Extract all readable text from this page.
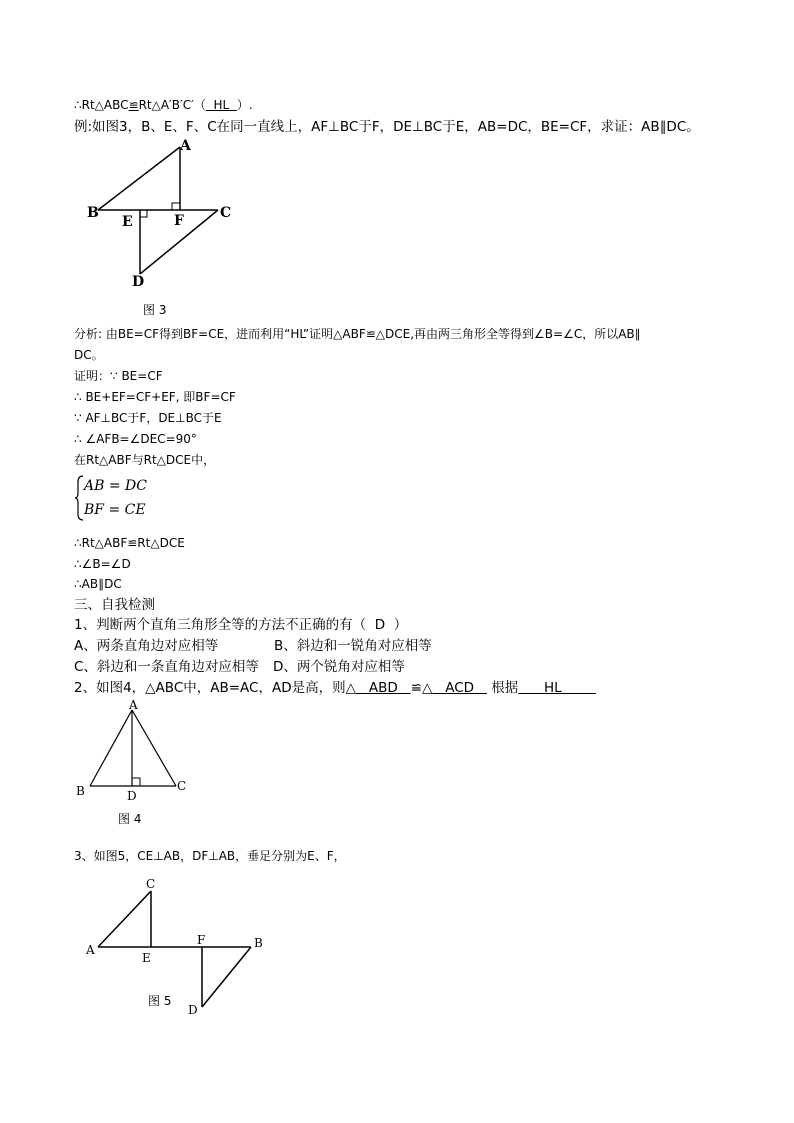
∴Rt△ABC≌Rt△A′B′C′（ HL ）.
例:如图3，B、E、F、C在同一直线上，AF⊥BC于F，DE⊥BC于E，AB=DC，BE=CF，求证：AB∥DC。
A
B
E	F	C
D
图 3
分析: 由BE=CF得到BF=CE，进而利用“HL”证明△ABF≌△DCE,再由两三角形全等得到∠B=∠C，所以AB∥
DC。
证明：∵ BE=CF
∴ BE+EF=CF+EF, 即BF=CF
∵ AF⊥BC于F，DE⊥BC于E
∴ ∠AFB=∠DEC=90°
在Rt△ABF与Rt△DCE中，
AB = DC
BF = CE
∴Rt△ABF≌Rt△DCE
∴∠B=∠D
∴AB∥DC
三、自我检测
1、判断两个直角三角形全等的方法不正确的有（ D ）
A、两条直角边对应相等	B、斜边和一锐角对应相等
C、斜边和一条直角边对应相等 D、两个锐角对应相等
2、如图4，△ABC中，AB=AC，AD是高，则△ ABD ≌△ ACD 根据 HL
A
B	D
C
图 4
3、如图5，CE⊥AB，DF⊥AB，垂足分别为E、F，
C
A
E
F	B
D
图 5
